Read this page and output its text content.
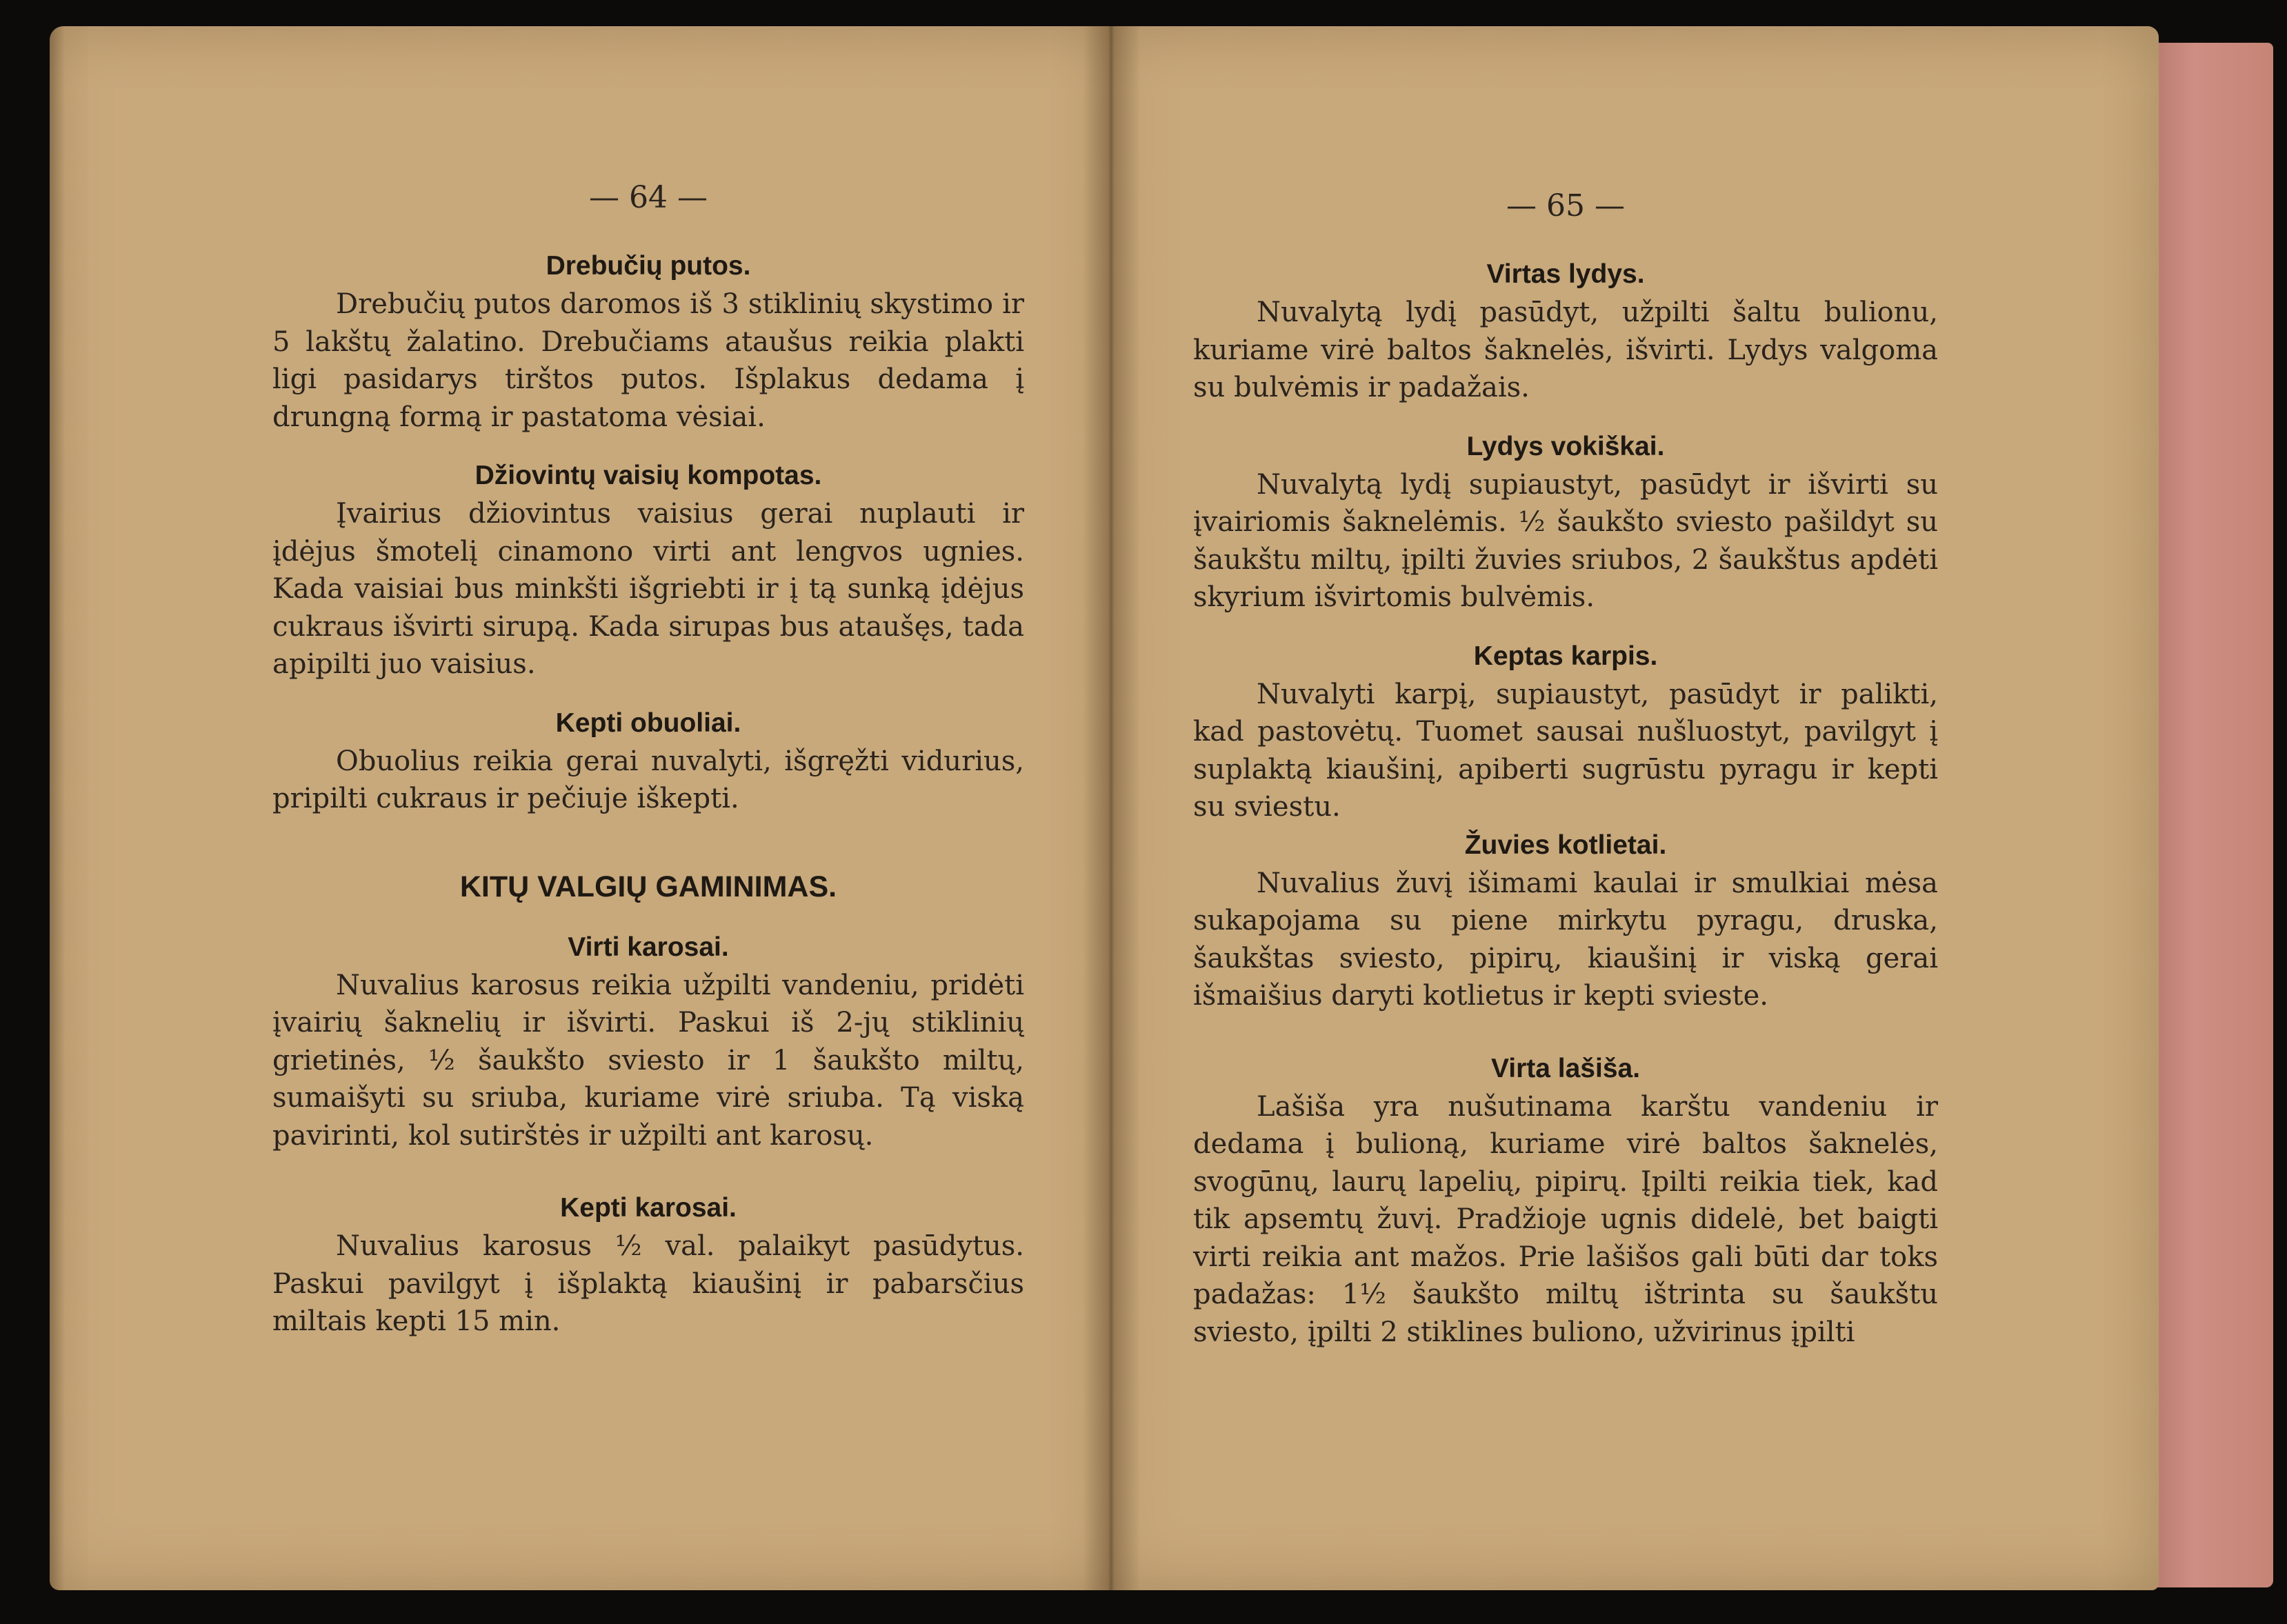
— 64 —
Drebučių putos.

Drebučių putos daromos iš 3 stiklinių skystimo ir 5 lakštų žalatino. Drebučiams ataušus reikia plakti ligi pasidarys tirštos putos. Išplakus dedama į drungną formą ir pastatoma vėsiai.

Džiovintų vaisių kompotas.

Įvairius džiovintus vaisius gerai nuplauti ir įdėjus šmotelį cinamono virti ant lengvos ugnies. Kada vaisiai bus minkšti išgriebti ir į tą sunką įdėjus cukraus išvirti sirupą. Kada sirupas bus ataušęs, tada apipilti juo vaisius.

Kepti obuoliai.

Obuolius reikia gerai nuvalyti, išgręžti vidurius, pripilti cukraus ir pečiuje iškepti.

KITŲ VALGIŲ GAMINIMAS.
Virti karosai.

Nuvalius karosus reikia užpilti vandeniu, pridėti įvairių šaknelių ir išvirti. Paskui iš 2-jų stiklinių grietinės, ½ šaukšto sviesto ir 1 šaukšto miltų, sumaišyti su sriuba, kuriame virė sriuba. Tą viską pavirinti, kol sutirštės ir užpilti ant karosų.

Kepti karosai.

Nuvalius karosus ½ val. palaikyt pasūdytus. Paskui pavilgyt į išplaktą kiaušinį ir pabarsčius miltais kepti 15 min.

— 65 —
Virtas lydys.

Nuvalytą lydį pasūdyt, užpilti šaltu bulionu, kuriame virė baltos šaknelės, išvirti. Lydys valgoma su bulvėmis ir padažais.

Lydys vokiškai.

Nuvalytą lydį supiaustyt, pasūdyt ir išvirti su įvairiomis šaknelėmis. ½ šaukšto sviesto pašildyt su šaukštu miltų, įpilti žuvies sriubos, 2 šaukštus apdėti skyrium išvirtomis bulvėmis.

Keptas karpis.

Nuvalyti karpį, supiaustyt, pasūdyt ir palikti, kad pastovėtų. Tuomet sausai nušluostyt, pavilgyt į suplaktą kiaušinį, apiberti sugrūstu pyragu ir kepti su sviestu.

Žuvies kotlietai.

Nuvalius žuvį išimami kaulai ir smulkiai mėsa sukapojama su piene mirkytu pyragu, druska, šaukštas sviesto, pipirų, kiaušinį ir viską gerai išmaišius daryti kotlietus ir kepti svieste.

Virta lašiša.

Lašiša yra nušutinama karštu vandeniu ir dedama į bulioną, kuriame virė baltos šaknelės, svogūnų, laurų lapelių, pipirų. Įpilti reikia tiek, kad tik apsemtų žuvį. Pradžioje ugnis didelė, bet baigti virti reikia ant mažos. Prie lašišos gali būti dar toks padažas: 1½ šaukšto miltų ištrinta su šaukštu sviesto, įpilti 2 stiklines buliono, užvirinus įpilti
